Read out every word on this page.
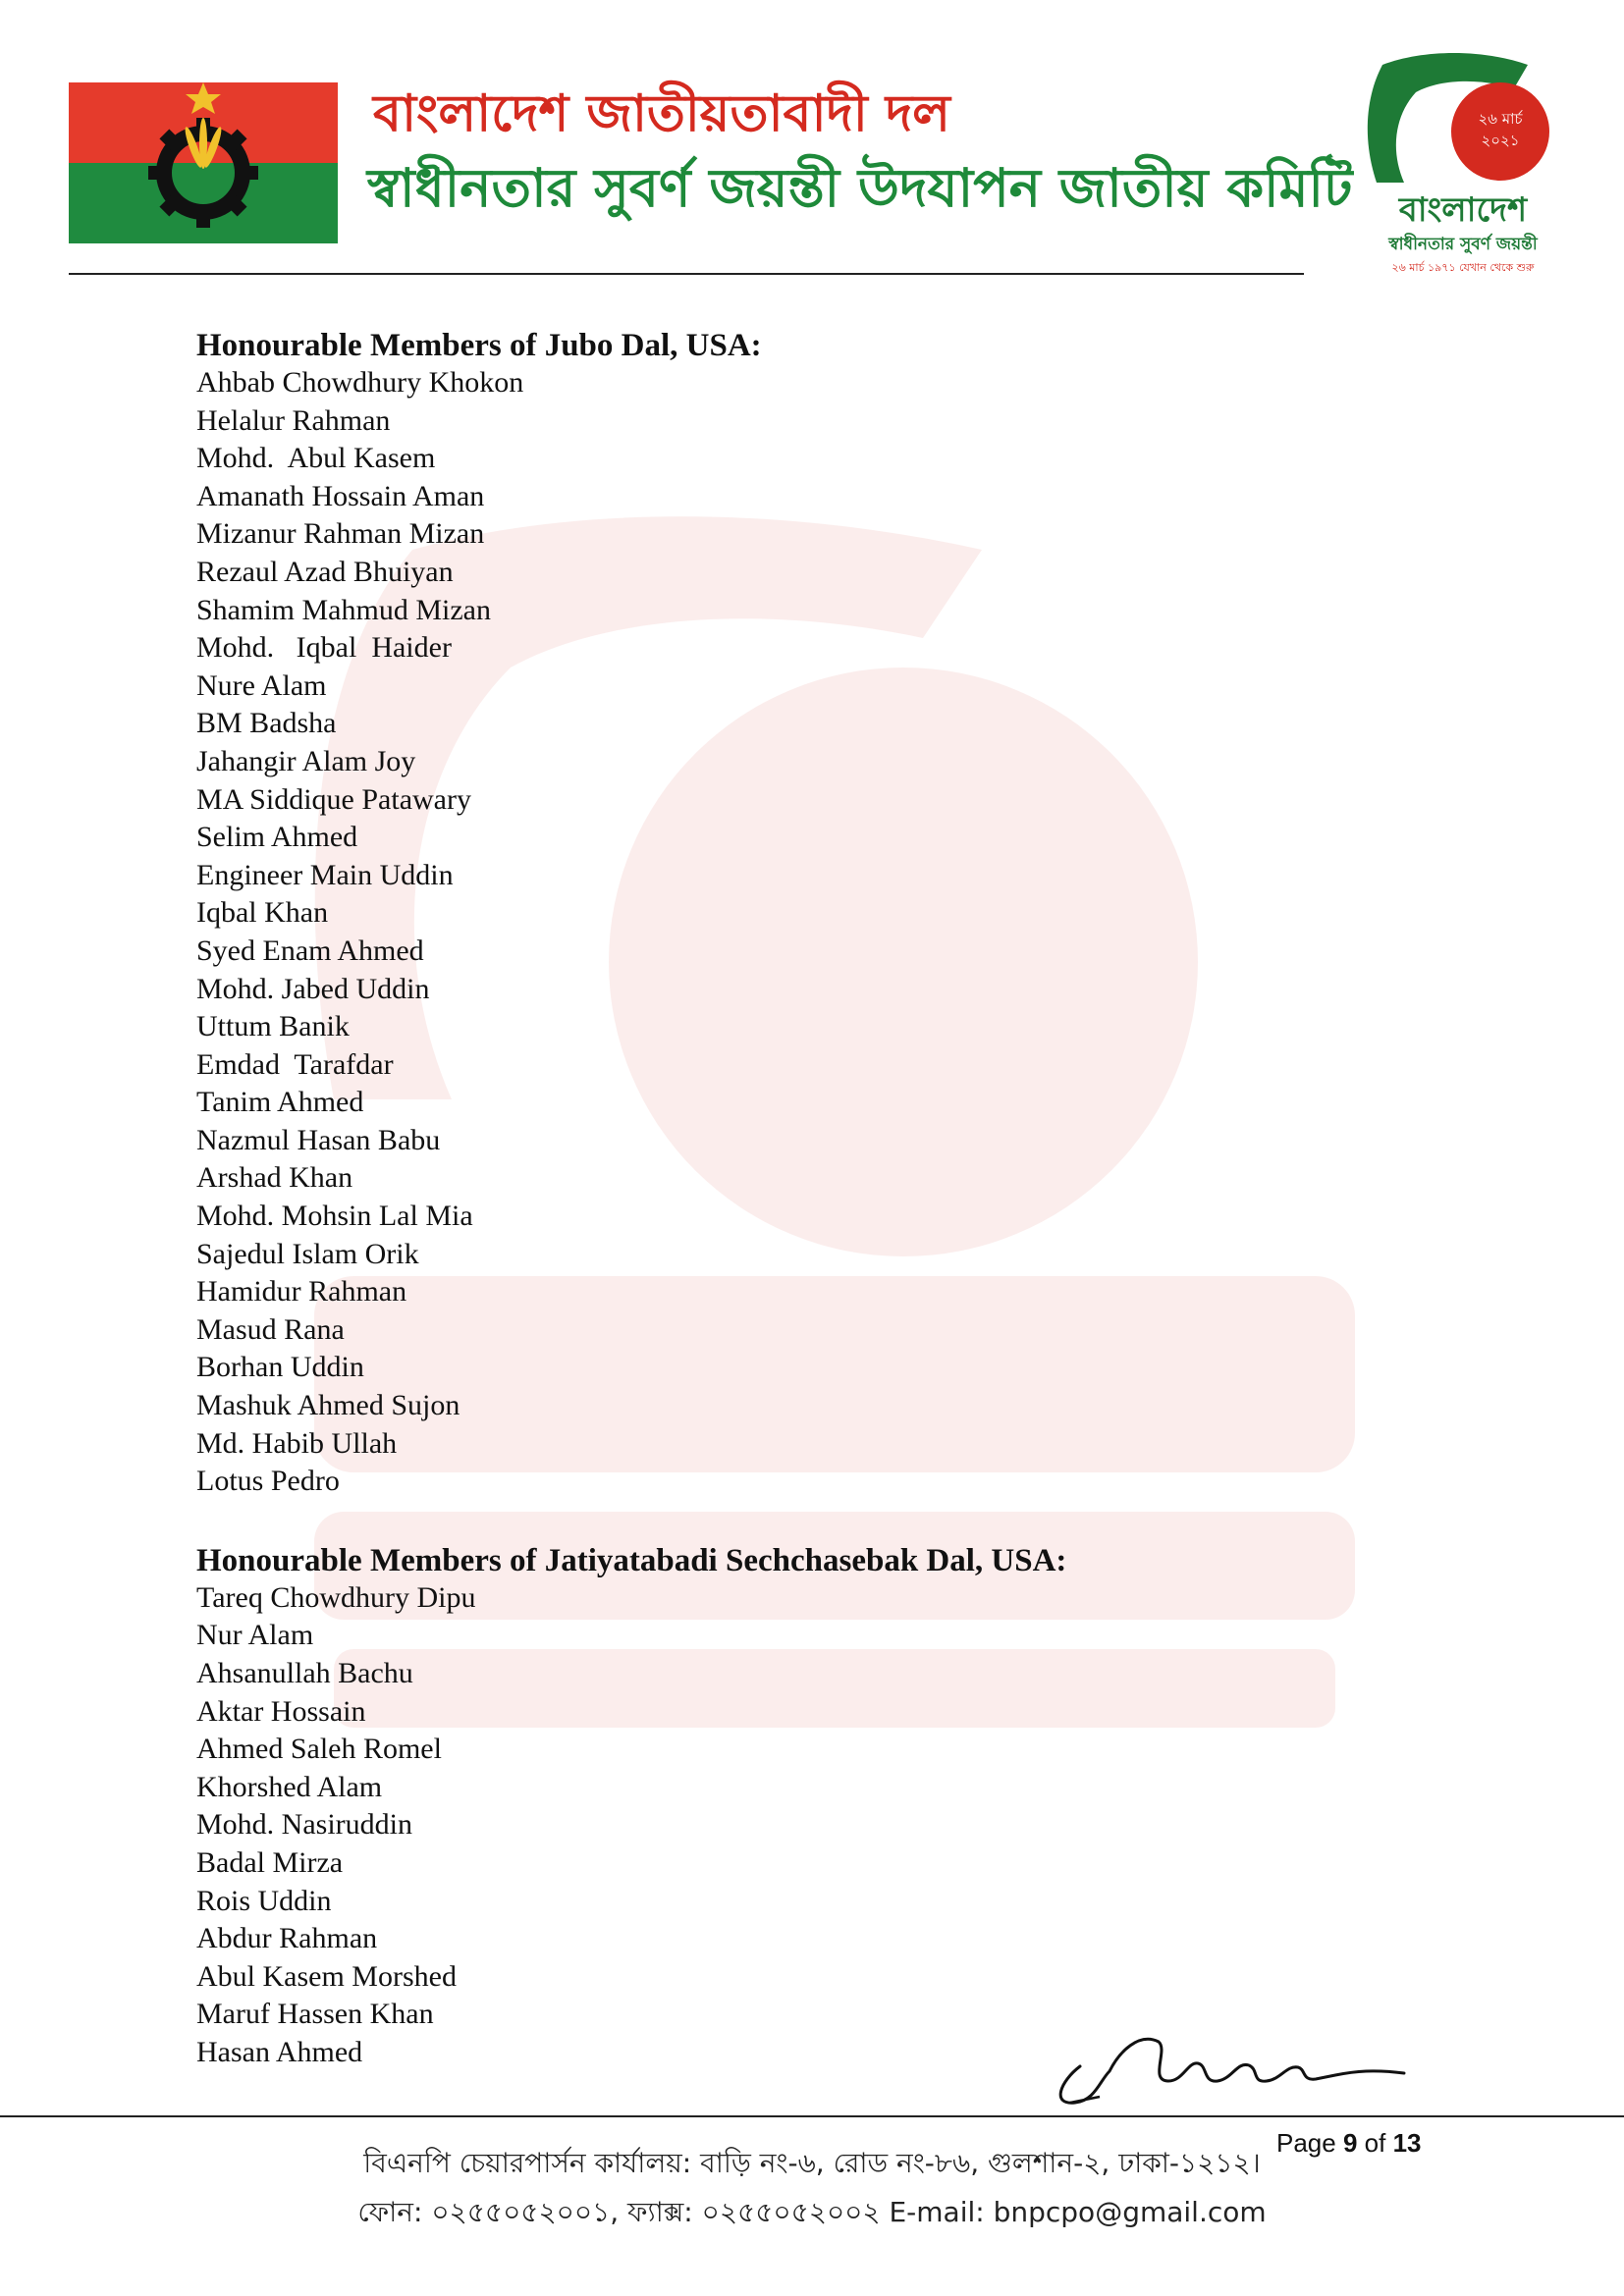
বাংলাদেশ জাতীয়তাবাদী দল
স্বাধীনতার সুবর্ণ জয়ন্তী উদযাপন জাতীয় কমিটি
২৬ মার্চ
২০২১
বাংলাদেশ
স্বাধীনতার সুবর্ণ জয়ন্তী
২৬ মার্চ ১৯৭১ যেখান থেকে শুরু
Honourable Members of Jubo Dal, USA:
Ahbab Chowdhury Khokon
Helalur Rahman
Mohd.  Abul Kasem
Amanath Hossain Aman
Mizanur Rahman Mizan
Rezaul Azad Bhuiyan
Shamim Mahmud Mizan
Mohd.   Iqbal  Haider
Nure Alam
BM Badsha
Jahangir Alam Joy
MA Siddique Patawary
Selim Ahmed
Engineer Main Uddin
Iqbal Khan
Syed Enam Ahmed
Mohd. Jabed Uddin
Uttum Banik
Emdad  Tarafdar
Tanim Ahmed
Nazmul Hasan Babu
Arshad Khan
Mohd. Mohsin Lal Mia
Sajedul Islam Orik
Hamidur Rahman
Masud Rana
Borhan Uddin
Mashuk Ahmed Sujon
Md. Habib Ullah
Lotus Pedro
Honourable Members of Jatiyatabadi Sechchasebak Dal, USA:
Tareq Chowdhury Dipu
Nur Alam
Ahsanullah Bachu
Aktar Hossain
Ahmed Saleh Romel
Khorshed Alam
Mohd. Nasiruddin
Badal Mirza
Rois Uddin
Abdur Rahman
Abul Kasem Morshed
Maruf Hassen Khan
Hasan Ahmed
Page 9 of 13
বিএনপি চেয়ারপার্সন কার্যালয়: বাড়ি নং-৬, রোড নং-৮৬, গুলশান-২, ঢাকা-১২১২।
ফোন: ০২৫৫০৫২০০১, ফ্যাক্স: ০২৫৫০৫২০০২ E-mail: bnpcpo@gmail.com
